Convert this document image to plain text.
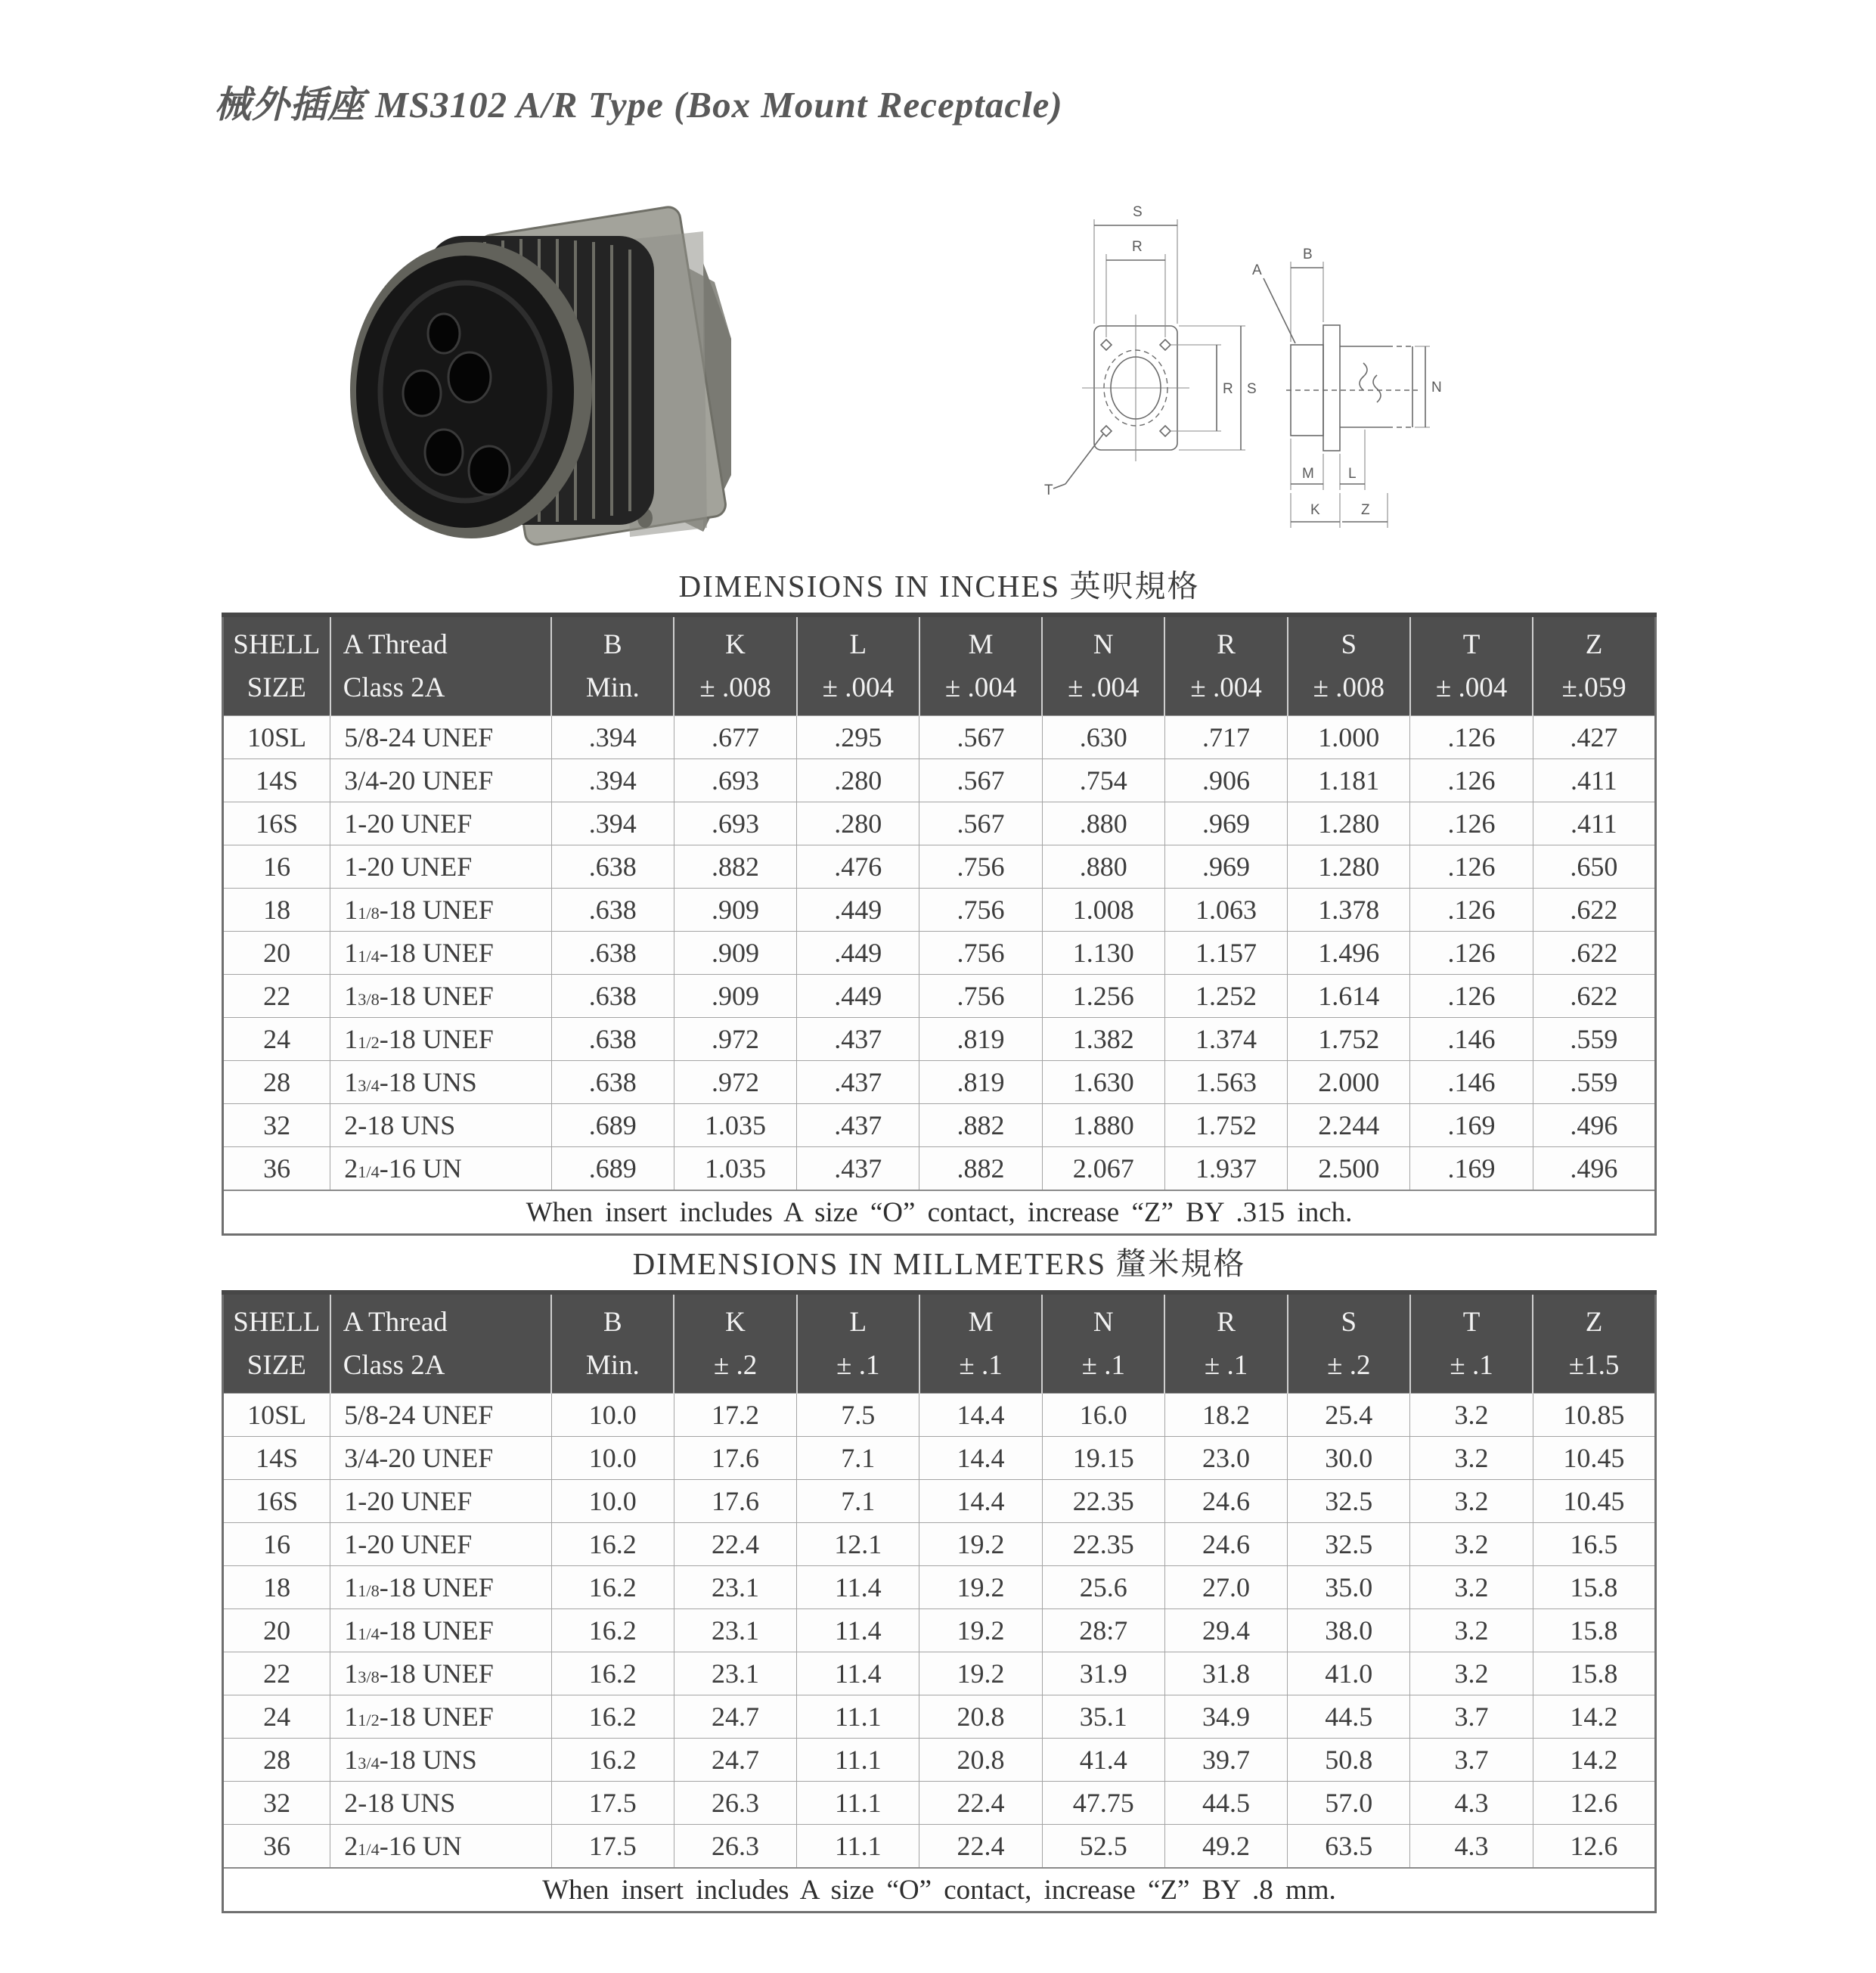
械外插座 MS3102 A/R Type (Box Mount Receptacle)
S
R
R S
T
B
A
N
M L
K	Z
DIMENSIONS IN INCHES 英呎規格
SHELL	A Thread	B	K	L	M	N	R	S	T	Z
SIZE	Class 2A	Min.	± .008	± .004	± .004	± .004	± .004	± .008	± .004	±.059
10SL	5/8-24 UNEF	.394	.677	.295	.567	.630	.717	1.000	.126	.427
14S	3/4-20 UNEF	.394	.693	.280	.567	.754	.906	1.181	.126	.411
16S	1-20 UNEF	.394	.693	.280	.567	.880	.969	1.280	.126	.411
16	1-20 UNEF	.638	.882	.476	.756	.880	.969	1.280	.126	.650
18	11/8-18 UNEF	.638	.909	.449	.756	1.008	1.063	1.378	.126	.622
20	11/4-18 UNEF	.638	.909	.449	.756	1.130	1.157	1.496	.126	.622
22	13/8-18 UNEF	.638	.909	.449	.756	1.256	1.252	1.614	.126	.622
24	11/2-18 UNEF	.638	.972	.437	.819	1.382	1.374	1.752	.146	.559
28	13/4-18 UNS	.638	.972	.437	.819	1.630	1.563	2.000	.146	.559
32	2-18 UNS	.689	1.035	.437	.882	1.880	1.752	2.244	.169	.496
36	21/4-16 UN	.689	1.035	.437	.882	2.067	1.937	2.500	.169	.496
When insert includes A size “O” contact, increase “Z” BY .315 inch.										
DIMENSIONS IN MILLMETERS 釐米規格
SHELL	A Thread	B	K	L	M	N	R	S	T	Z
SIZE	Class 2A	Min.	± .2	± .1	± .1	± .1	± .1	± .2	± .1	±1.5
10SL	5/8-24 UNEF	10.0	17.2	7.5	14.4	16.0	18.2	25.4	3.2	10.85
14S	3/4-20 UNEF	10.0	17.6	7.1	14.4	19.15	23.0	30.0	3.2	10.45
16S	1-20 UNEF	10.0	17.6	7.1	14.4	22.35	24.6	32.5	3.2	10.45
16	1-20 UNEF	16.2	22.4	12.1	19.2	22.35	24.6	32.5	3.2	16.5
18	11/8-18 UNEF	16.2	23.1	11.4	19.2	25.6	27.0	35.0	3.2	15.8
20	11/4-18 UNEF	16.2	23.1	11.4	19.2	28:7	29.4	38.0	3.2	15.8
22	13/8-18 UNEF	16.2	23.1	11.4	19.2	31.9	31.8	41.0	3.2	15.8
24	11/2-18 UNEF	16.2	24.7	11.1	20.8	35.1	34.9	44.5	3.7	14.2
28	13/4-18 UNS	16.2	24.7	11.1	20.8	41.4	39.7	50.8	3.7	14.2
32	2-18 UNS	17.5	26.3	11.1	22.4	47.75	44.5	57.0	4.3	12.6
36	21/4-16 UN	17.5	26.3	11.1	22.4	52.5	49.2	63.5	4.3	12.6
When insert includes A size “O” contact, increase “Z” BY .8 mm.										
